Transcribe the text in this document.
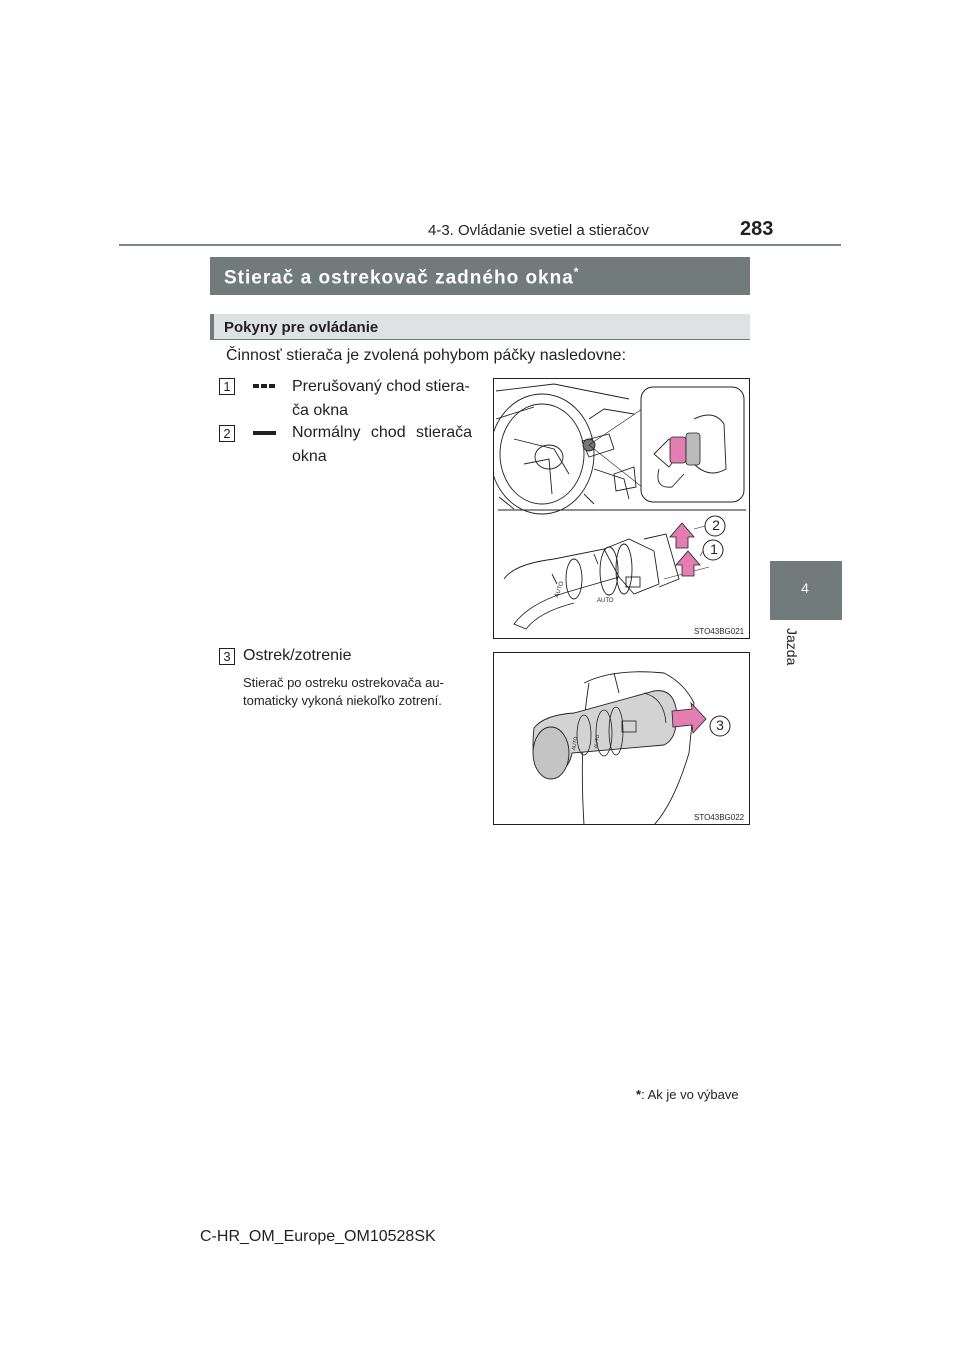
4-3. Ovládanie svetiel a stieračov	283
4
Jazda
Stierač a ostrekovač zadného okna*
Pokyny pre ovládanie
Činnosť stierača je zvolená pohybom páčky nasledovne:
1	Prerušovaný chod stiera-
ča okna
2	Normálny chod stierača
okna
3 Ostrek/zotrenie
Stierač po ostreku ostrekovača au-
tomaticky vykoná niekoľko zotrení.
AUTO
AUTO
2
1
STO43BG021
AUTO
AUTO
3
STO43BG022
*: Ak je vo výbave
C-HR_OM_Europe_OM10528SK
